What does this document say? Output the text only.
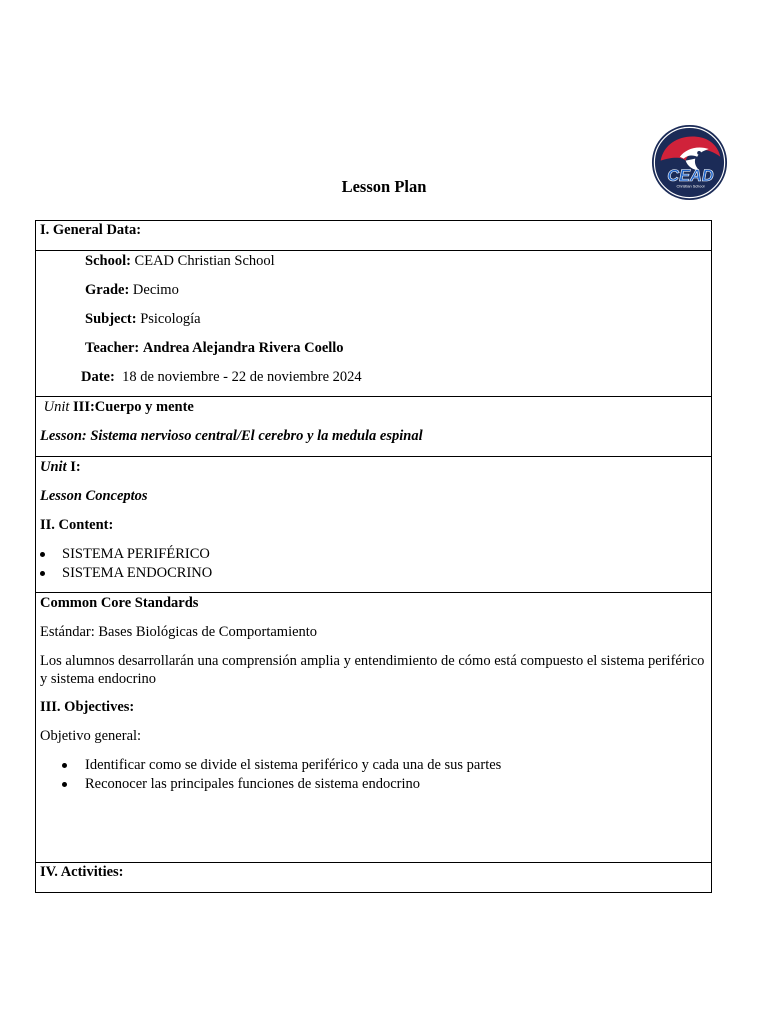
CEAD
Christian School
Lesson Plan
I. General Data:

School:
CEAD Christian School
Grade:
Decimo
Subject:
Psicología
Teacher:
Andrea Alejandra Rivera Coello
Date:
18 de noviembre - 22 de noviembre 2024

Unit
III:Cuerpo y mente
Lesson: Sistema nervioso central/El cerebro y la medula espinal

Unit
I:
Lesson Conceptos
II. Content:
SISTEMA PERIFÉRICO
SISTEMA ENDOCRINO

Common Core Standards
Estándar: Bases Biológicas de Comportamiento
Los alumnos desarrollarán una comprensión amplia y entendimiento de cómo está compuesto el sistema periférico y sistema endocrino
III. Objectives:
Objetivo general:
Identificar como se divide el sistema periférico y cada una de sus partes
Reconocer las principales funciones de sistema endocrino

IV. Activities:
